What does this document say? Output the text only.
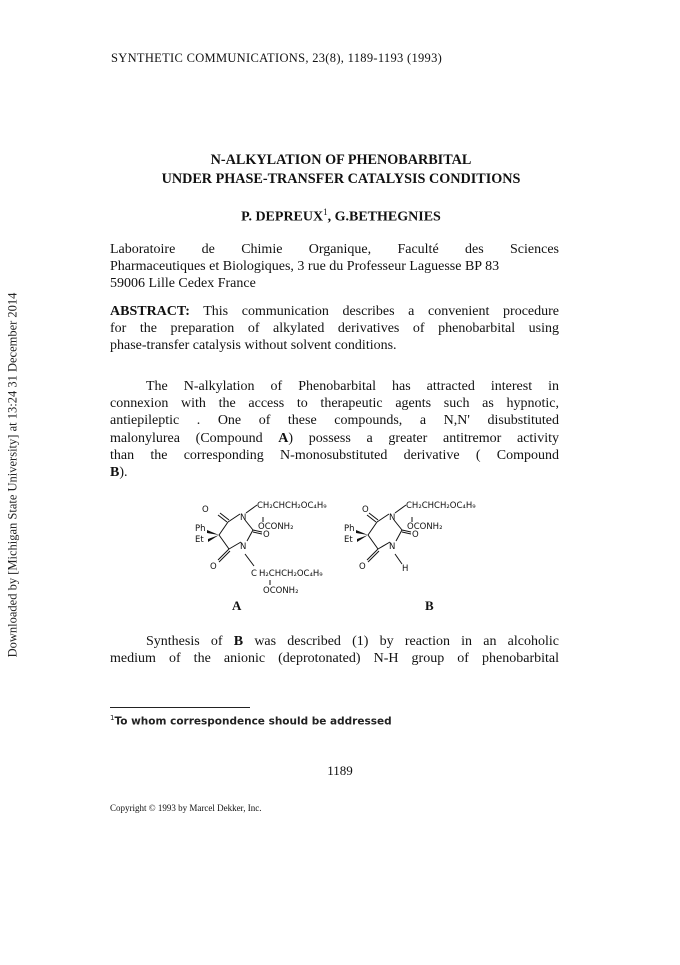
Downloaded by [Michigan State University] at 13:24 31 December 2014
SYNTHETIC COMMUNICATIONS, 23(8), 1189-1193 (1993)
N-ALKYLATION OF PHENOBARBITAL
UNDER PHASE-TRANSFER CATALYSIS CONDITIONS
P. DEPREUX$^1$, G.BETHEGNIES
Laboratoire de Chimie Organique, Faculté des Sciences
Pharmaceutiques et Biologiques, 3 rue du Professeur Laguesse BP 83
59006 Lille Cedex France
ABSTRACT: This communication describes a convenient procedure
for the preparation of alkylated derivatives of phenobarbital using
phase-transfer catalysis without solvent conditions.
The N-alkylation of Phenobarbital has attracted interest in
connexion with the access to therapeutic agents such as hypnotic,
antiepileptic . One of these compounds, a N,N' disubstituted
malonylurea (Compound A) possess a greater antitremor activity
than the corresponding N-monosubstituted derivative ( Compound
B).
O
N
CH₂CHCH₂OC₄H₉
OCONH₂
O
Ph
Et
N
O
C H₂CHCH₂OC₄H₉
OCONH₂
O
N
CH₂CHCH₂OC₄H₉
OCONH₂
O
Ph
Et
N
O	H
A	B
Synthesis of B was described (1) by reaction in an alcoholic
medium of the anionic (deprotonated) N-H group of phenobarbital
$^1$To whom correspondence should be addressed
1189
Copyright © 1993 by Marcel Dekker, Inc.
